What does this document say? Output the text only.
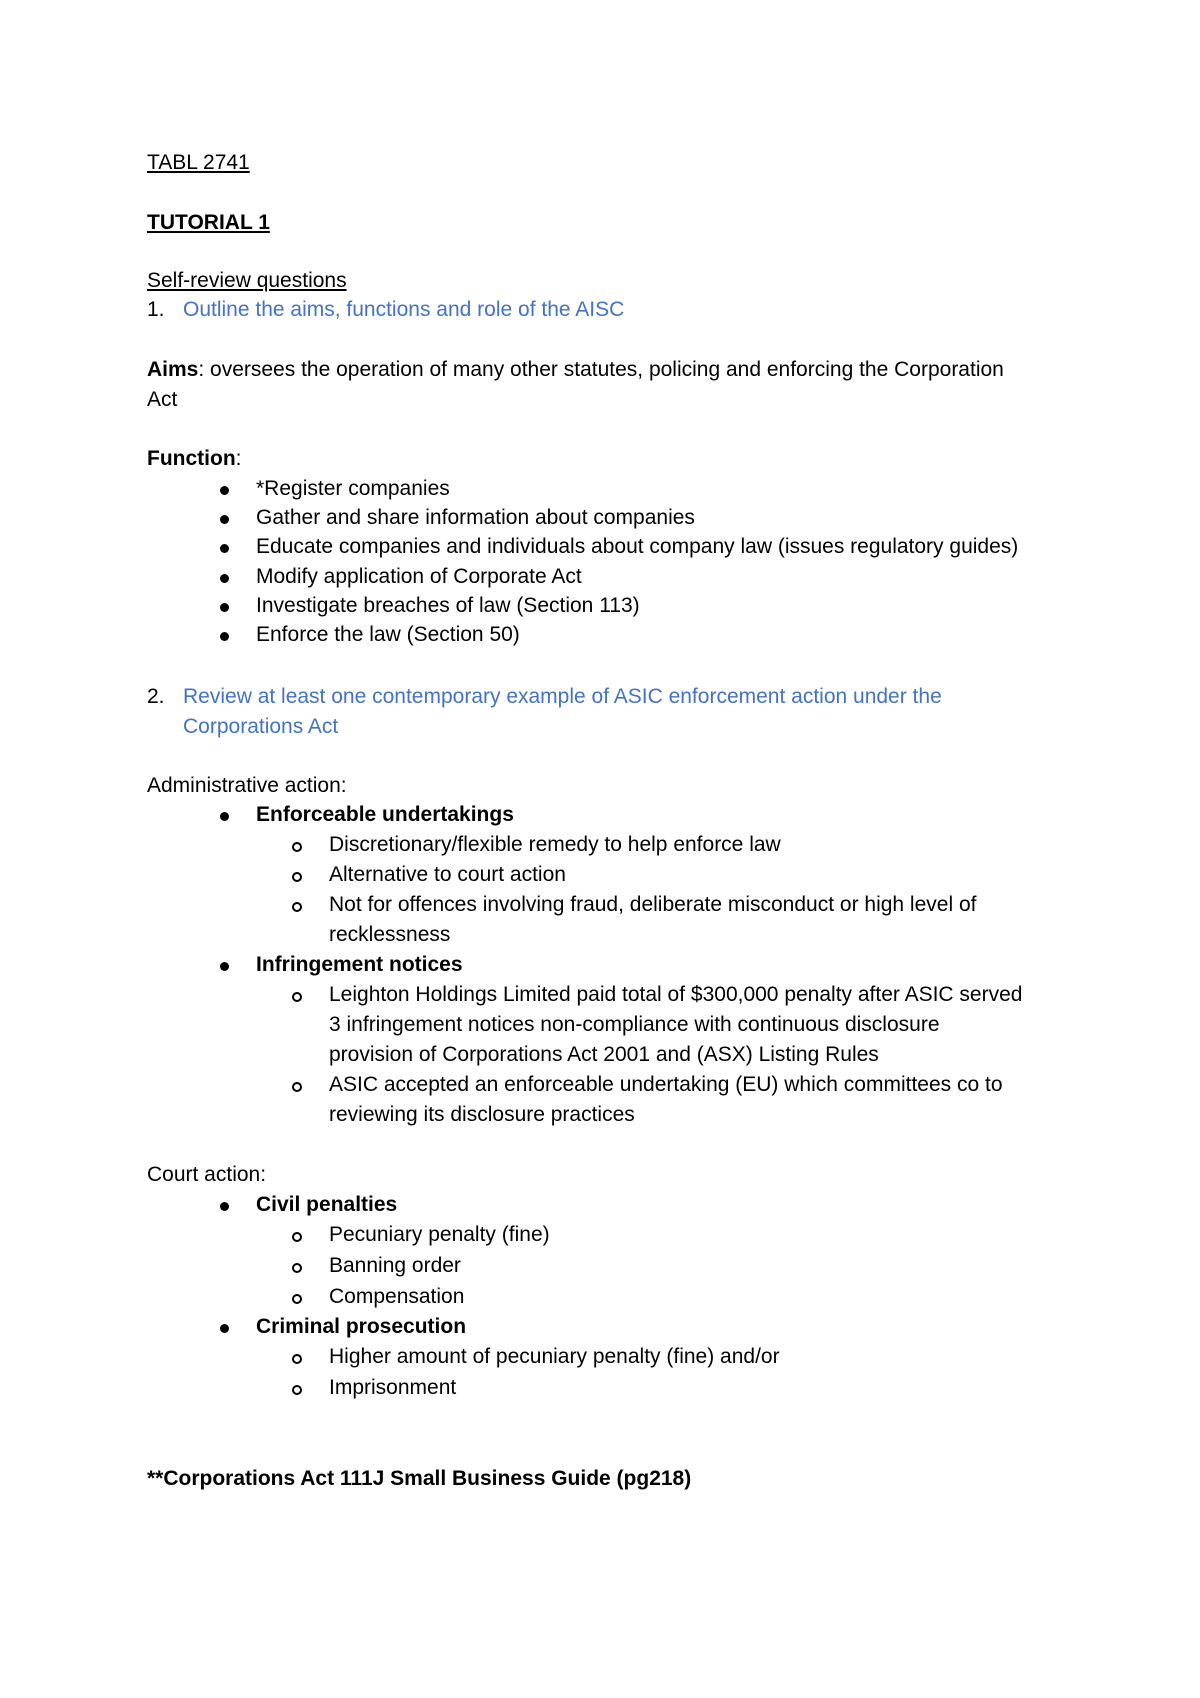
TABL 2741

TUTORIAL 1

Self-review questions

1. Outline the aims, functions and role of the AISC

Aims: oversees the operation of many other statutes, policing and enforcing the Corporation

Act

Function:

*Register companies

Gather and share information about companies

Educate companies and individuals about company law (issues regulatory guides)

Modify application of Corporate Act

Investigate breaches of law (Section 113)

Enforce the law (Section 50)

2. Review at least one contemporary example of ASIC enforcement action under the

Corporations Act

Administrative action:

Enforceable undertakings

Discretionary/flexible remedy to help enforce law

Alternative to court action

Not for offences involving fraud, deliberate misconduct or high level of

recklessness

Infringement notices

Leighton Holdings Limited paid total of $300,000 penalty after ASIC served

3 infringement notices non-compliance with continuous disclosure

provision of Corporations Act 2001 and (ASX) Listing Rules

ASIC accepted an enforceable undertaking (EU) which committees co to

reviewing its disclosure practices

Court action:

Civil penalties

Pecuniary penalty (fine)

Banning order

Compensation

Criminal prosecution

Higher amount of pecuniary penalty (fine) and/or

Imprisonment

**Corporations Act 111J Small Business Guide (pg218)
